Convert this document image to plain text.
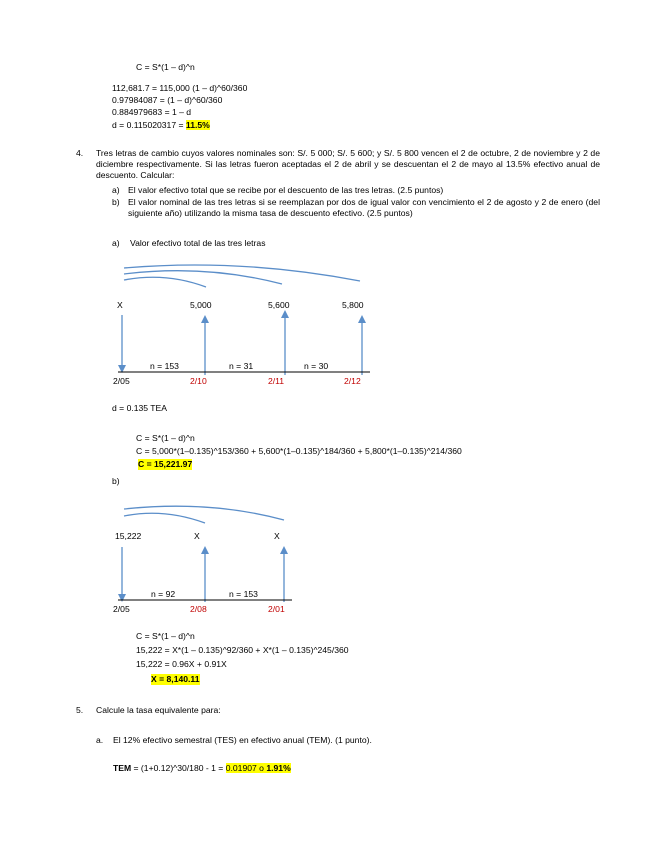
C = S*(1 – d)^n
112,681.7 = 115,000 (1 – d)^60/360
0.97984087 = (1 – d)^60/360
0.884979683 = 1 – d
d = 0.115020317 = 11.5%
4. Tres letras de cambio cuyos valores nominales son: S/. 5 000; S/. 5 600; y S/. 5 800 vencen el 2 de octubre, 2 de noviembre y 2 de diciembre respectivamente. Si las letras fueron aceptadas el 2 de abril y se descuentan el 2 de mayo al 13.5% efectivo anual de descuento. Calcular:
a) El valor efectivo total que se recibe por el descuento de las tres letras. (2.5 puntos)
b) El valor nominal de las tres letras si se reemplazan por dos de igual valor con vencimiento el 2 de agosto y 2 de enero (del siguiente año) utilizando la misma tasa de descuento efectivo. (2.5 puntos)
a) Valor efectivo total de las tres letras
X	5,000	5,600	5,800
n = 153	n = 31	n = 30
2/05	2/10	2/11	2/12
d = 0.135 TEA
C = S*(1 – d)^n
C = 5,000*(1–0.135)^153/360 + 5,600*(1–0.135)^184/360 + 5,800*(1–0.135)^214/360
C = 15,221.97
b)
15,222	X	X
n = 92	n = 153
2/05	2/08	2/01
C = S*(1 – d)^n
15,222 = X*(1 – 0.135)^92/360 + X*(1 – 0.135)^245/360
15,222 = 0.96X + 0.91X
X = 8,140.11
5. Calcule la tasa equivalente para:
a. El 12% efectivo semestral (TES) en efectivo anual (TEM). (1 punto).
TEM = (1+0.12)^30/180 - 1 = 0.01907 o 1.91%
